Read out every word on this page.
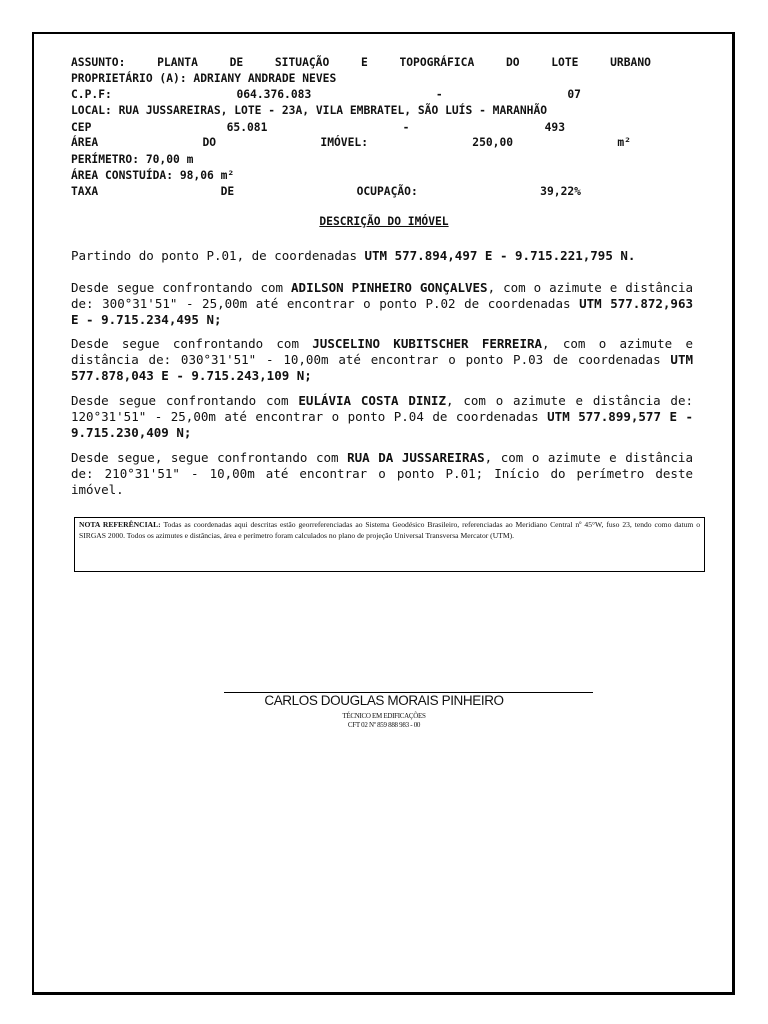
ASSUNTO:	PLANTA	DE	SITUAÇÃO	E	TOPOGRÁFICA	DO	LOTE	URBANO
PROPRIETÁRIO (A): ADRIANY ANDRADE NEVES
C.P.F:	064.376.083	-	07
LOCAL: RUA JUSSAREIRAS, LOTE - 23A, VILA EMBRATEL, SÃO LUÍS - MARANHÃO
CEP	65.081	-	493
ÁREA	DO	IMÓVEL:	250,00	m²
PERÍMETRO: 70,00 m
ÁREA CONSTUÍDA: 98,06 m²
TAXA	DE	OCUPAÇÃO:	39,22%
DESCRIÇÃO DO IMÓVEL
Partindo do ponto P.01, de coordenadas UTM 577.894,497 E - 9.715.221,795 N.
Desde segue confrontando com ADILSON PINHEIRO GONÇALVES, com o azimute e distância de: 300°31'51" - 25,00m até encontrar o ponto P.02 de coordenadas UTM 577.872,963 E - 9.715.234,495 N;
Desde segue confrontando com JUSCELINO KUBITSCHER FERREIRA, com o azimute e distância de: 030°31'51" - 10,00m até encontrar o ponto P.03 de coordenadas UTM 577.878,043 E - 9.715.243,109 N;
Desde segue confrontando com EULÁVIA COSTA DINIZ, com o azimute e distância de: 120°31'51" - 25,00m até encontrar o ponto P.04 de coordenadas UTM 577.899,577 E - 9.715.230,409 N;
Desde segue, segue confrontando com RUA DA JUSSAREIRAS, com o azimute e distância de: 210°31'51" - 10,00m até encontrar o ponto P.01; Início do perímetro deste imóvel.
NOTA REFERÊNCIAL: Todas as coordenadas aqui descritas estão georreferenciadas ao Sistema Geodésico Brasileiro, referenciadas ao Meridiano Central nº 45°W, fuso 23, tendo como datum o SIRGAS 2000. Todos os azimutes e distâncias, área e perímetro foram calculados no plano de projeção Universal Transversa Mercator (UTM).
CARLOS DOUGLAS MORAIS PINHEIRO
TÉCNICO EM EDIFICAÇÕES
CFT 02 Nº 859 888 983 - 00
